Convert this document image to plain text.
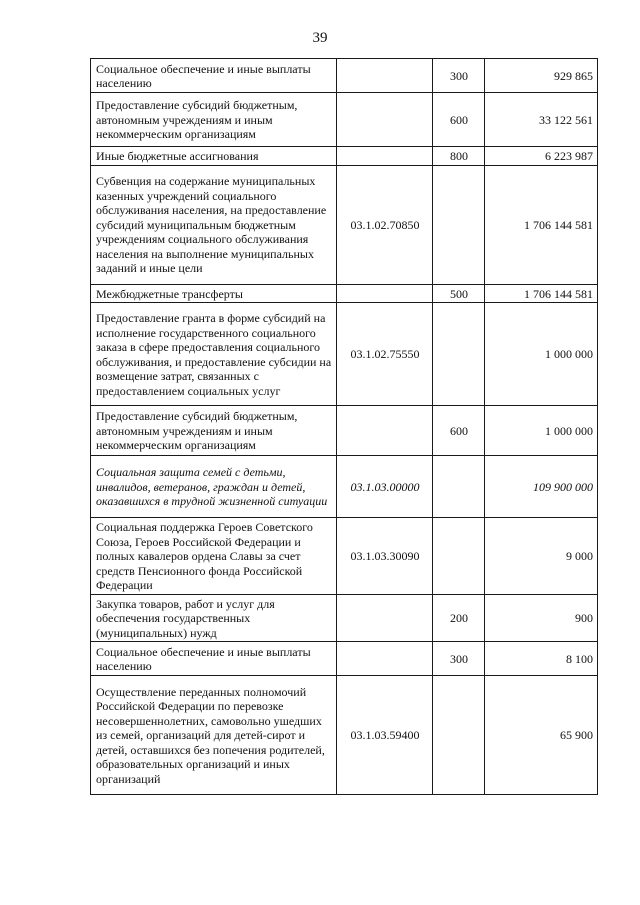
39
Социальное обеспечение и иные выплаты населению		300	929 865
Предоставление субсидий бюджетным, автономным учреждениям и иным некоммерческим организациям		600	33 122 561
Иные бюджетные ассигнования		800	6 223 987
Субвенция на содержание муниципальных казенных учреждений социального обслуживания населения, на предоставление субсидий муниципальным бюджетным учреждениям социального обслуживания населения на выполнение муниципальных заданий и иные цели	03.1.02.70850		1 706 144 581
Межбюджетные трансферты		500	1 706 144 581
Предоставление гранта в форме субсидий на исполнение государственного социального заказа в сфере предоставления социального обслуживания, и предоставление субсидии на возмещение затрат, связанных с предоставлением социальных услуг	03.1.02.75550		1 000 000
Предоставление субсидий бюджетным, автономным учреждениям и иным некоммерческим организациям		600	1 000 000
Социальная защита семей с детьми, инвалидов, ветеранов, граждан и детей, оказавшихся в трудной жизненной ситуации	03.1.03.00000		109 900 000
Социальная поддержка Героев Советского Союза, Героев Российской Федерации и полных кавалеров ордена Славы за счет средств Пенсионного фонда Российской Федерации	03.1.03.30090		9 000
Закупка товаров, работ и услуг для обеспечения государственных (муниципальных) нужд		200	900
Социальное обеспечение и иные выплаты населению		300	8 100
Осуществление переданных полномочий Российской Федерации по перевозке несовершеннолетних, самовольно ушедших из семей, организаций для детей-сирот и детей, оставшихся без попечения родителей, образовательных организаций и иных организаций	03.1.03.59400		65 900
